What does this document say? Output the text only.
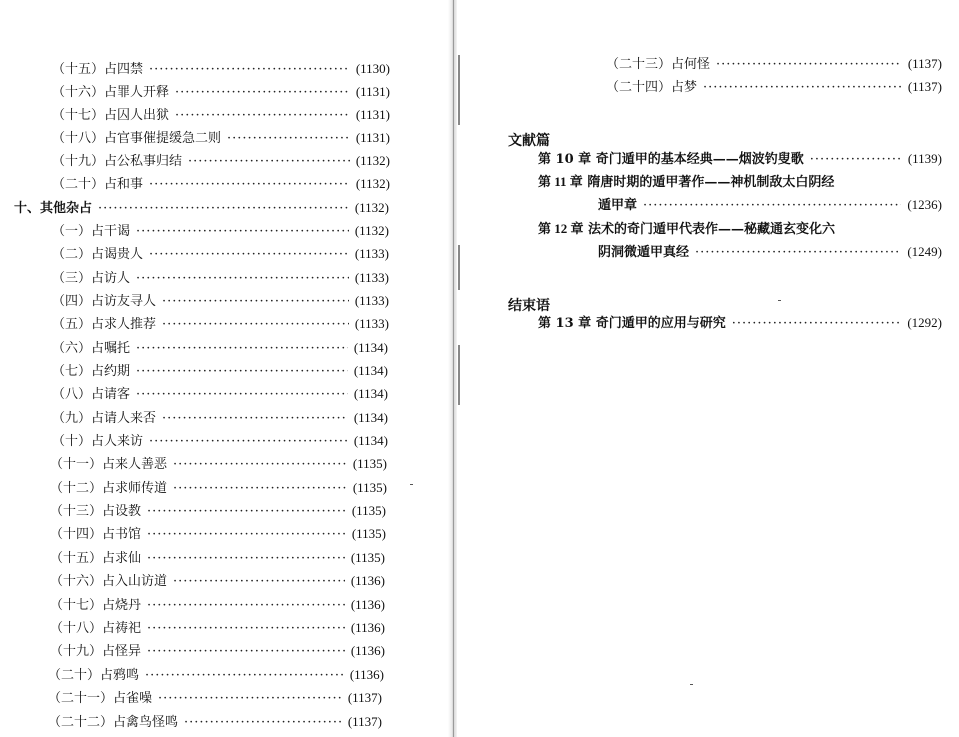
（十五）占四禁 ·····	(1130)
（十六）占罪人开释 ·····	(1131)
（十七）占囚人出狱 ·····	(1131)
（十八）占官事催提缓急二则 ·····	(1131)
（十九）占公私事归结 ·····	(1132)
（二十）占和事 ·····	(1132)
十、其他杂占 ·····	(1132)
（一）占干谒 ·····	(1132)
（二）占谒贵人 ·····	(1133)
（三）占访人 ·····	(1133)
（四）占访友寻人 ·····	(1133)
（五）占求人推荐 ·····	(1133)
（六）占嘱托 ·····	(1134)
（七）占约期 ·····	(1134)
（八）占请客 ·····	(1134)
（九）占请人来否 ·····	(1134)
（十）占人来访 ·····	(1134)
（十一）占来人善恶 ·····	(1135)
（十二）占求师传道 ·····	(1135)
（十三）占设教 ·····	(1135)
（十四）占书馆 ·····	(1135)
（十五）占求仙 ·····	(1135)
（十六）占入山访道 ·····	(1136)
（十七）占烧丹 ·····	(1136)
（十八）占祷祀 ·····	(1136)
（十九）占怪异 ·····	(1136)
（二十）占鸦鸣 ·····	(1136)
（二十一）占雀噪 ·····	(1137)
（二十二）占禽鸟怪鸣 ·····	(1137)
（二十三）占何怪 ·····	(1137)
（二十四）占梦 ·····	(1137)
文献篇
第 10 章 奇门遁甲的基本经典——烟波钓叟歌 ·····	(1139)
第 11 章 隋唐时期的遁甲著作——神机制敌太白阴经
遁甲章 ·····	(1236)
第 12 章 法术的奇门遁甲代表作——秘藏通玄变化六
阴洞微遁甲真经 ·····	(1249)
结束语
第 13 章 奇门遁甲的应用与研究 ·····	(1292)
